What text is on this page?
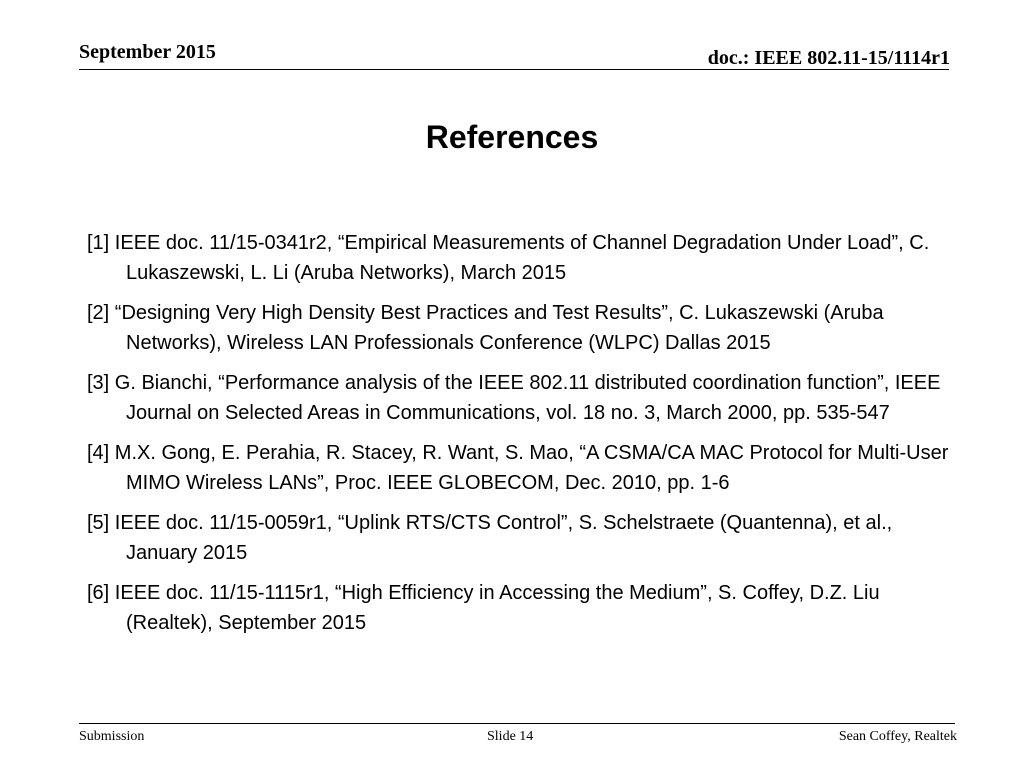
September 2015	doc.: IEEE 802.11-15/1114r1
References
[1] IEEE doc. 11/15-0341r2, “Empirical Measurements of Channel Degradation Under Load”, C. Lukaszewski, L. Li (Aruba Networks), March 2015
[2] “Designing Very High Density Best Practices and Test Results”, C. Lukaszewski (Aruba Networks), Wireless LAN Professionals Conference (WLPC) Dallas 2015
[3] G. Bianchi, “Performance analysis of the IEEE 802.11 distributed coordination function”, IEEE Journal on Selected Areas in Communications, vol. 18 no. 3, March 2000, pp. 535-547
[4] M.X. Gong, E. Perahia, R. Stacey, R. Want, S. Mao, “A CSMA/CA MAC Protocol for Multi-User MIMO Wireless LANs”, Proc. IEEE GLOBECOM, Dec. 2010, pp. 1-6
[5] IEEE doc. 11/15-0059r1, “Uplink RTS/CTS Control”, S. Schelstraete (Quantenna), et al., January 2015
[6] IEEE doc. 11/15-1115r1, “High Efficiency in Accessing the Medium”, S. Coffey, D.Z. Liu (Realtek), September 2015
Submission	Slide 14	Sean Coffey, Realtek
